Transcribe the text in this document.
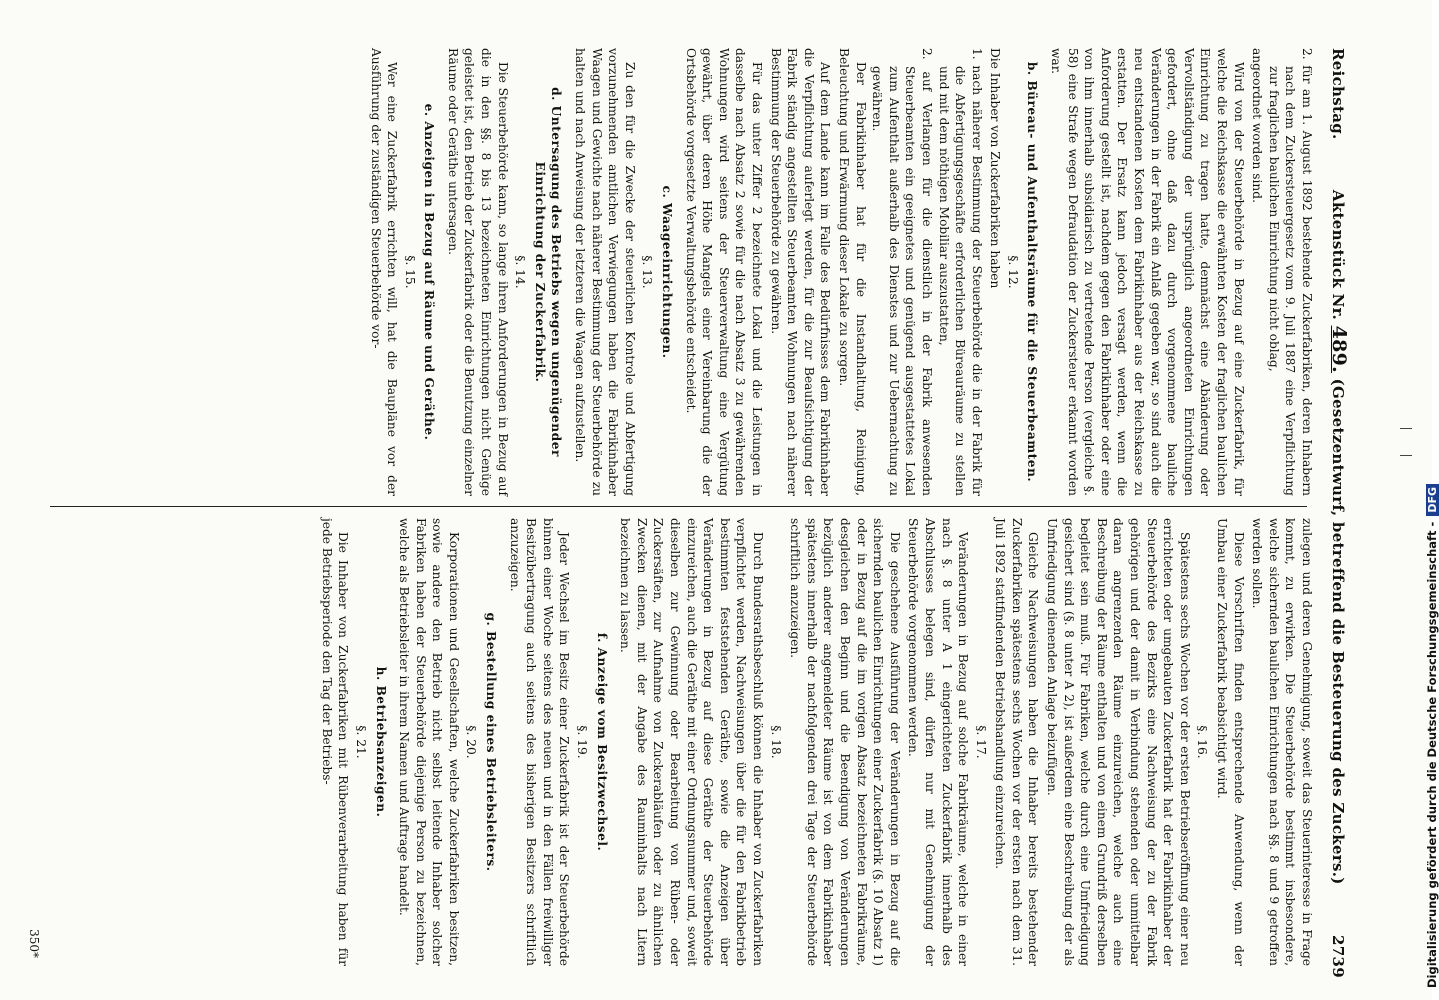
Reichstag.
Aktenstück Nr. 489. (Gesetzentwurf, betreffend die Besteuerung des Zuckers.)
2739

2. für am 1. August 1892 bestehende Zuckerfabriken, deren Inhabern nach dem Zuckersteuergesetz vom 9. Juli 1887 eine Verpflichtung zur fraglichen baulichen Einrichtung nicht oblag,

angeordnet worden sind.

Wird von der Steuerbehörde in Bezug auf eine Zuckerfabrik, für welche die Reichskasse die erwähnten Kosten der fraglichen baulichen Einrichtung zu tragen hatte, demnächst eine Abänderung oder Vervollständigung der ursprünglich angeordneten Einrichtungen gefordert, ohne daß dazu durch vorgenommene bauliche Veränderungen in der Fabrik ein Anlaß gegeben war, so sind auch die neu entstandenen Kosten dem Fabrikinhaber aus der Reichskasse zu erstatten. Der Ersatz kann jedoch versagt werden, wenn die Anforderung gestellt ist, nachdem gegen den Fabrikinhaber oder eine von ihm innerhalb subsidiarisch zu vertretende Person (vergleiche §. 58) eine Strafe wegen Defraudation der Zuckersteuer erkannt worden war.

b. Büreau- und Aufenthaltsräume für die Steuerbeamten.

§. 12.

Die Inhaber von Zuckerfabriken haben

1. nach näherer Bestimmung der Steuerbehörde die in der Fabrik für die Abfertigungsgeschäfte erforderlichen Büreauräume zu stellen und mit dem nöthigen Mobiliar auszustatten,

2. auf Verlangen für die dienstlich in der Fabrik anwesenden Steuerbeamten ein geeignetes und genügend ausgestattetes Lokal zum Aufenthalt außerhalb des Dienstes und zur Uebernachtung zu gewähren.

Der Fabrikinhaber hat für die Instandhaltung, Reinigung, Beleuchtung und Erwärmung dieser Lokale zu sorgen.

Auf dem Lande kann im Falle des Bedürfnisses dem Fabrikinhaber die Verpflichtung auferlegt werden, für die zur Beaufsichtigung der Fabrik ständig angestellten Steuerbeamten Wohnungen nach näherer Bestimmung der Steuerbehörde zu gewähren.

Für das unter Ziffer 2 bezeichnete Lokal und die Leistungen in dasselbe nach Absatz 2 sowie für die nach Absatz 3 zu gewährenden Wohnungen wird seitens der Steuerverwaltung eine Vergütung gewährt, über deren Höhe Mangels einer Vereinbarung die der Ortsbehörde vorgesetzte Verwaltungsbehörde entscheidet.

c. Waageeinrichtungen.

§. 13.

Zu den für die Zwecke der steuerlichen Kontrole und Abfertigung vorzunehmenden amtlichen Verwiegungen haben die Fabrikinhaber Waagen und Gewichte nach näherer Bestimmung der Steuerbehörde zu halten und nach Anweisung der letzteren die Waagen aufzustellen.

d. Untersagung des Betriebs wegen ungenügender Einrichtung der Zuckerfabrik.

§. 14.

Die Steuerbehörde kann, so lange ihren Anforderungen in Bezug auf die in den §§. 8 bis 13 bezeichneten Einrichtungen nicht Genüge geleistet ist, den Betrieb der Zuckerfabrik oder die Benutzung einzelner Räume oder Geräthe untersagen.

e. Anzeigen in Bezug auf Räume und Geräthe.

§. 15.

Wer eine Zuckerfabrik errichten will, hat die Baupläne vor der Ausführung der zuständigen Steuerbehörde vor-

zulegen und deren Genehmigung, soweit das Steuerinteresse in Frage kommt, zu erwirken. Die Steuerbehörde bestimmt insbesondere, welche sichernden baulichen Einrichtungen nach §§. 8 und 9 getroffen werden sollen.

Diese Vorschriften finden entsprechende Anwendung, wenn der Umbau einer Zuckerfabrik beabsichtigt wird.

§. 16.

Spätestens sechs Wochen vor der ersten Betriebseröffnung einer neu errichteten oder umgebauten Zuckerfabrik hat der Fabrikinhaber der Steuerbehörde des Bezirks eine Nachweisung der zu der Fabrik gehörigen und der damit in Verbindung stehenden oder unmittelbar daran angrenzenden Räume einzureichen, welche auch eine Beschreibung der Räume enthalten und von einem Grundriß derselben begleitet sein muß. Für Fabriken, welche durch eine Umfriedigung gesichert sind (§. 8 unter A 2), ist außerdem eine Beschreibung der als Umfriedigung dienenden Anlage beizufügen.

Gleiche Nachweisungen haben die Inhaber bereits bestehender Zuckerfabriken spätestens sechs Wochen vor der ersten nach dem 31. Juli 1892 stattfindenden Betriebshandlung einzureichen.

§. 17.

Veränderungen in Bezug auf solche Fabrikräume, welche in einer nach §. 8 unter A 1 eingerichteten Zuckerfabrik innerhalb des Abschlusses belegen sind, dürfen nur mit Genehmigung der Steuerbehörde vorgenommen werden.

Die geschehene Ausführung der Veränderungen in Bezug auf die sichernden baulichen Einrichtungen einer Zuckerfabrik (§. 10 Absatz 1) oder in Bezug auf die im vorigen Absatz bezeichneten Fabrikräume, desgleichen den Beginn und die Beendigung von Veränderungen bezüglich anderer angemeldeter Räume ist von dem Fabrikinhaber spätestens innerhalb der nachfolgenden drei Tage der Steuerbehörde schriftlich anzuzeigen.

§. 18.

Durch Bundesrathsbeschluß können die Inhaber von Zuckerfabriken verpflichtet werden, Nachweisungen über die für den Fabrikbetrieb bestimmten feststehenden Geräthe, sowie die Anzeigen über Veränderungen in Bezug auf diese Geräthe der Steuerbehörde einzureichen, auch die Geräthe mit einer Ordnungsnummer und, soweit dieselben zur Gewinnung oder Bearbeitung von Rüben- oder Zuckersäften, zur Aufnahme von Zuckerabläufen oder zu ähnlichen Zwecken dienen, mit der Angabe des Rauminhalts nach Litern bezeichnen zu lassen.

f. Anzeige vom Besitzwechsel.

§. 19.

Jeder Wechsel im Besitz einer Zuckerfabrik ist der Steuerbehörde binnen einer Woche seitens des neuen und in den Fällen freiwilliger Besitzübertragung auch seitens des bisherigen Besitzers schriftlich anzuzeigen.

g. Bestellung eines Betriebsleiters.

§. 20.

Korporationen und Gesellschaften, welche Zuckerfabriken besitzen, sowie andere den Betrieb nicht selbst leitende Inhaber solcher Fabriken haben der Steuerbehörde diejenige Person zu bezeichnen, welche als Betriebsleiter in ihrem Namen und Auftrage handelt.

h. Betriebsanzeigen.

§. 21.

Die Inhaber von Zuckerfabriken mit Rübenverarbeitung haben für jede Betriebsperiode den Tag der Betriebs-

350*	Digitalisierung gefördert durch die Deutsche Forschungsgemeinschaft -
DFG
